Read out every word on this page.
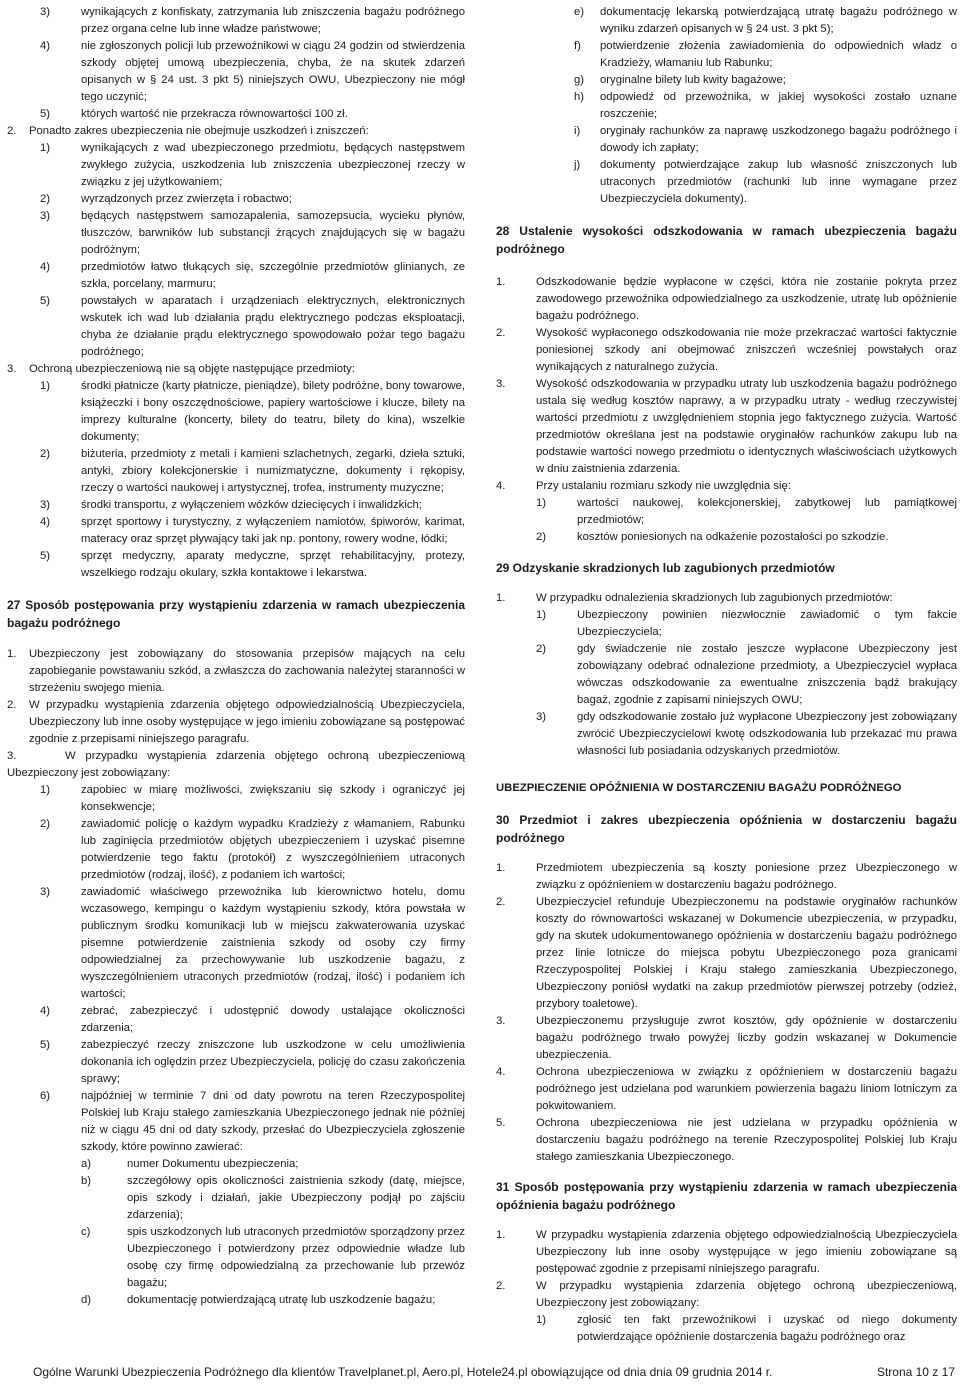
3)	wynikających z konfiskaty, zatrzymania lub zniszczenia bagażu podróżnego przez organa celne lub inne władze państwowe;
4)	nie zgłoszonych policji lub przewoźnikowi w ciągu 24 godzin od stwierdzenia szkody objętej umową ubezpieczenia, chyba, że na skutek zdarzeń opisanych w § 24 ust. 3 pkt 5) niniejszych OWU, Ubezpieczony nie mógł tego uczynić;
5)	których wartość nie przekracza równowartości 100 zł.
2. Ponadto zakres ubezpieczenia nie obejmuje uszkodzeń i zniszczeń:
1)	wynikających z wad ubezpieczonego przedmiotu, będących następstwem zwykłego zużycia, uszkodzenia lub zniszczenia ubezpieczonej rzeczy w związku z jej użytkowaniem;
2)	wyrządzonych przez zwierzęta i robactwo;
3)	będących następstwem samozapalenia, samozepsucia, wycieku płynów, tłuszczów, barwników lub substancji żrących znajdujących się w bagażu podróżnym;
4)	przedmiotów łatwo tłukących się, szczególnie przedmiotów glinianych, ze szkła, porcelany, marmuru;
5)	powstałych w aparatach i urządzeniach elektrycznych, elektronicznych wskutek ich wad lub działania prądu elektrycznego podczas eksploatacji, chyba że działanie prądu elektrycznego spowodowało pożar tego bagażu podróżnego;
3. Ochroną ubezpieczeniową nie są objęte następujące przedmioty:
1)	środki płatnicze (karty płatnicze, pieniądze), bilety podróżne, bony towarowe, książeczki i bony oszczędnościowe, papiery wartościowe i klucze, bilety na imprezy kulturalne (koncerty, bilety do teatru, bilety do kina), wszelkie dokumenty;
2)	biżuteria, przedmioty z metali i kamieni szlachetnych, zegarki, dzieła sztuki, antyki, zbiory kolekcjonerskie i numizmatyczne, dokumenty i rękopisy, rzeczy o wartości naukowej i artystycznej, trofea, instrumenty muzyczne;
3)	środki transportu, z wyłączeniem wózków dziecięcych i inwalidzkich;
4)	sprzęt sportowy i turystyczny, z wyłączeniem namiotów, śpiworów, karimat, materacy oraz sprzęt pływający taki jak np. pontony, rowery wodne, łódki;
5)	sprzęt medyczny, aparaty medyczne, sprzęt rehabilitacyjny, protezy, wszelkiego rodzaju okulary, szkła kontaktowe i lekarstwa.
27 Sposób postępowania przy wystąpieniu zdarzenia w ramach ubezpieczenia bagażu podróżnego
1. Ubezpieczony jest zobowiązany do stosowania przepisów mających na celu zapobieganie powstawaniu szkód, a zwłaszcza do zachowania należytej staranności w strzeżeniu swojego mienia.
2. W przypadku wystąpienia zdarzenia objętego odpowiedzialnością Ubezpieczyciela, Ubezpieczony lub inne osoby występujące w jego imieniu zobowiązane są postępować zgodnie z przepisami niniejszego paragrafu.
3.	W przypadku wystąpienia zdarzenia objętego ochroną ubezpieczeniową Ubezpieczony jest zobowiązany:
1)	zapobiec w miarę możliwości, zwiększaniu się szkody i ograniczyć jej konsekwencje;
2)	zawiadomić policję o każdym wypadku Kradzieży z włamaniem, Rabunku lub zaginięcia przedmiotów objętych ubezpieczeniem i uzyskać pisemne potwierdzenie tego faktu (protokół) z wyszczególnieniem utraconych przedmiotów (rodzaj, ilość), z podaniem ich wartości;
3)	zawiadomić właściwego przewoźnika lub kierownictwo hotelu, domu wczasowego, kempingu o każdym wystąpieniu szkody, która powstała w publicznym środku komunikacji lub w miejscu zakwaterowania uzyskać pisemne potwierdzenie zaistnienia szkody od osoby czy firmy odpowiedzialnej za przechowywanie lub uszkodzenie bagażu, z wyszczególnieniem utraconych przedmiotów (rodzaj, ilość) i podaniem ich wartości;
4)	zebrać, zabezpieczyć i udostępnić dowody ustalające okoliczności zdarzenia;
5)	zabezpieczyć rzeczy zniszczone lub uszkodzone w celu umożliwienia dokonania ich oględzin przez Ubezpieczyciela, policję do czasu zakończenia sprawy;
6)	najpóźniej w terminie 7 dni od daty powrotu na teren Rzeczypospolitej Polskiej lub Kraju stałego zamieszkania Ubezpieczonego jednak nie później niż w ciągu 45 dni od daty szkody, przesłać do Ubezpieczyciela zgłoszenie szkody, które powinno zawierać:
a)	numer Dokumentu ubezpieczenia;
b)	szczegółowy opis okoliczności zaistnienia szkody (datę, miejsce, opis szkody i działań, jakie Ubezpieczony podjął po zajściu zdarzenia);
c)	spis uszkodzonych lub utraconych przedmiotów sporządzony przez Ubezpieczonego i potwierdzony przez odpowiednie władze lub osobę czy firmę odpowiedzialną za przechowanie lub przewóz bagażu;
d)	dokumentację potwierdzającą utratę lub uszkodzenie bagażu;
e) dokumentację lekarską potwierdzającą utratę bagażu podróżnego w wyniku zdarzeń opisanych w § 24 ust. 3 pkt 5);
f) potwierdzenie złożenia zawiadomienia do odpowiednich władz o Kradzieży, włamaniu lub Rabunku;
g) oryginalne bilety lub kwity bagażowe;
h) odpowiedź od przewoźnika, w jakiej wysokości zostało uznane roszczenie;
i) oryginały rachunków za naprawę uszkodzonego bagażu podróżnego i dowody ich zapłaty;
j) dokumenty potwierdzające zakup lub własność zniszczonych lub utraconych przedmiotów (rachunki lub inne wymagane przez Ubezpieczyciela dokumenty).
28 Ustalenie wysokości odszkodowania w ramach ubezpieczenia bagażu podróżnego
1.	Odszkodowanie będzie wypłacone w części, która nie zostanie pokryta przez zawodowego przewoźnika odpowiedzialnego za uszkodzenie, utratę lub opóźnienie bagażu podróżnego.
2.	Wysokość wypłaconego odszkodowania nie może przekraczać wartości faktycznie poniesionej szkody ani obejmować zniszczeń wcześniej powstałych oraz wynikających z naturalnego zużycia.
3.	Wysokość odszkodowania w przypadku utraty lub uszkodzenia bagażu podróżnego ustala się według kosztów naprawy, a w przypadku utraty - według rzeczywistej wartości przedmiotu z uwzględnieniem stopnia jego faktycznego zużycia. Wartość przedmiotów określana jest na podstawie oryginałów rachunków zakupu lub na podstawie wartości nowego przedmiotu o identycznych właściwościach użytkowych w dniu zaistnienia zdarzenia.
4.	Przy ustalaniu rozmiaru szkody nie uwzględnia się:
1)	wartości naukowej, kolekcjonerskiej, zabytkowej lub pamiątkowej przedmiotów;
2)	kosztów poniesionych na odkażenie pozostałości po szkodzie.
29 Odzyskanie skradzionych lub zagubionych przedmiotów
1.	W przypadku odnalezienia skradzionych lub zagubionych przedmiotów:
1)	Ubezpieczony powinien niezwłocznie zawiadomić o tym fakcie Ubezpieczyciela;
2)	gdy świadczenie nie zostało jeszcze wypłacone Ubezpieczony jest zobowiązany odebrać odnalezione przedmioty, a Ubezpieczyciel wypłaca wówczas odszkodowanie za ewentualne zniszczenia bądź brakujący bagaż, zgodnie z zapisami niniejszych OWU;
3)	gdy odszkodowanie zostało już wypłacone Ubezpieczony jest zobowiązany zwrócić Ubezpieczycielowi kwotę odszkodowania lub przekazać mu prawa własności lub posiadania odzyskanych przedmiotów.
UBEZPIECZENIE OPÓŹNIENIA W DOSTARCZENIU BAGAŻU PODRÓŻNEGO
30 Przedmiot i zakres ubezpieczenia opóźnienia w dostarczeniu bagażu podróżnego
1.	Przedmiotem ubezpieczenia są koszty poniesione przez Ubezpieczonego w związku z opóźnieniem w dostarczeniu bagażu podróżnego.
2.	Ubezpieczyciel refunduje Ubezpieczonemu na podstawie oryginałów rachunków koszty do równowartości wskazanej w Dokumencie ubezpieczenia, w przypadku, gdy na skutek udokumentowanego opóźnienia w dostarczeniu bagażu podróżnego przez linie lotnicze do miejsca pobytu Ubezpieczonego poza granicami Rzeczypospolitej Polskiej i Kraju stałego zamieszkania Ubezpieczonego, Ubezpieczony poniósł wydatki na zakup przedmiotów pierwszej potrzeby (odzież, przybory toaletowe).
3.	Ubezpieczonemu przysługuje zwrot kosztów, gdy opóźnienie w dostarczeniu bagażu podróżnego trwało powyżej liczby godzin wskazanej w Dokumencie ubezpieczenia.
4.	Ochrona ubezpieczeniowa w związku z opóźnieniem w dostarczeniu bagażu podróżnego jest udzielana pod warunkiem powierzenia bagażu liniom lotniczym za pokwitowaniem.
5.	Ochrona ubezpieczeniowa nie jest udzielana w przypadku opóźnienia w dostarczeniu bagażu podróżnego na terenie Rzeczypospolitej Polskiej lub Kraju stałego zamieszkania Ubezpieczonego.
31 Sposób postępowania przy wystąpieniu zdarzenia w ramach ubezpieczenia opóźnienia bagażu podróżnego
1.	W przypadku wystąpienia zdarzenia objętego odpowiedzialnością Ubezpieczyciela Ubezpieczony lub inne osoby występujące w jego imieniu zobowiązane są postępować zgodnie z przepisami niniejszego paragrafu.
2.	W przypadku wystąpienia zdarzenia objętego ochroną ubezpieczeniową, Ubezpieczony jest zobowiązany:
1)	zgłosić ten fakt przewoźnikowi i uzyskać od niego dokumenty potwierdzające opóźnienie dostarczenia bagażu podróżnego oraz
Ogólne Warunki Ubezpieczenia Podróżnego dla klientów Travelplanet.pl, Aero.pl, Hotele24.pl obowiązujące od dnia dnia 09 grudnia 2014 r.	Strona 10 z 17
